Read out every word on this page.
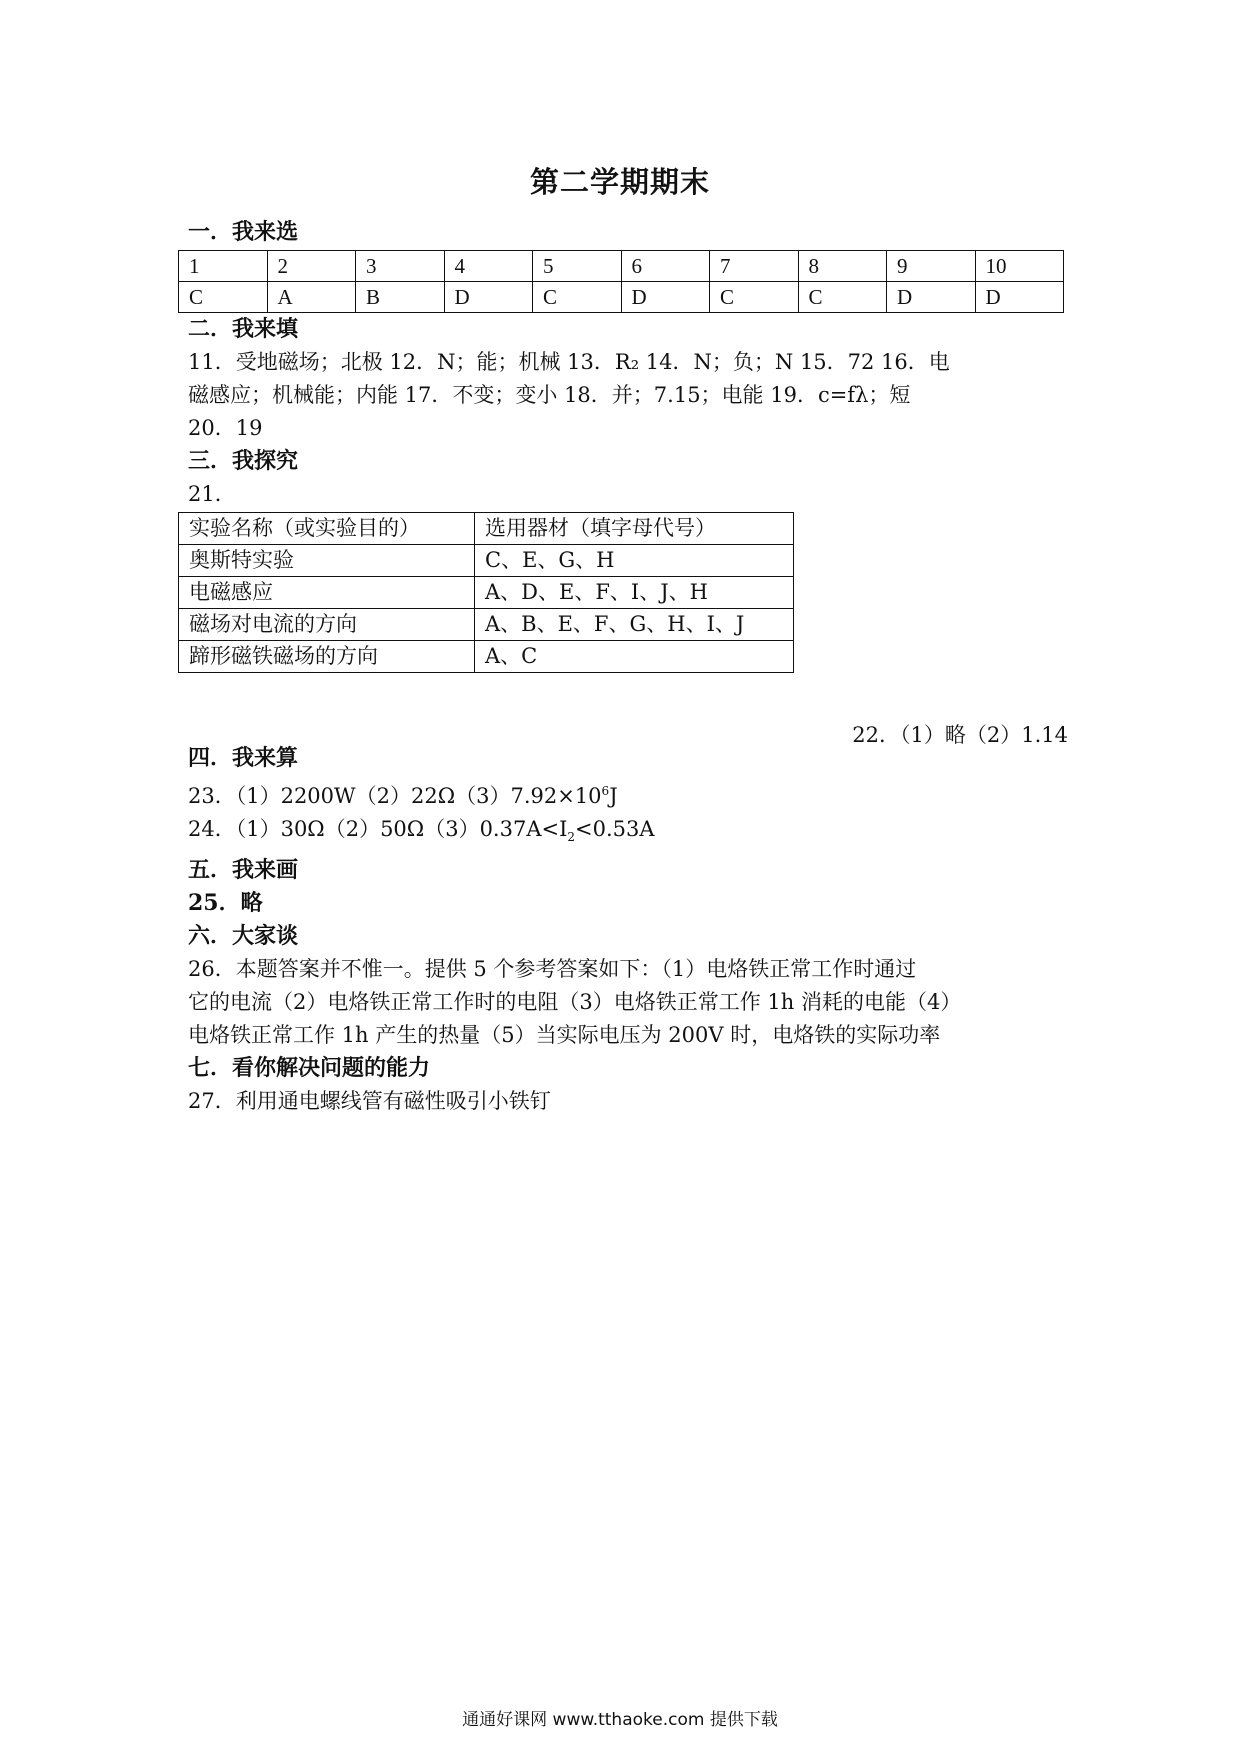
第二学期期末
一．我来选
1	2	3	4	5	6	7	8	9	10
C	A	B	D	C	D	C	C	D	D
二．我来填

11．受地磁场；北极 12．N；能；机械 13．R₂ 14．N；负；N 15．72 16．电

磁感应；机械能；内能 17．不变；变小 18．并；7.15；电能 19．c=fλ；短

20．19

三．我探究

21．

实验名称（或实验目的）	选用器材（填字母代号）
奥斯特实验	C、E、G、H
电磁感应	A、D、E、F、I、J、H
磁场对电流的方向	A、B、E、F、G、H、I、J
蹄形磁铁磁场的方向	A、C
22．（1）略（2）1.14
四．我来算

23．$(1)2200W(2)22\Omega(3)7.92\times 10^6J$

24．$(1)30\Omega(2)50\Omega(3)0.37A<I_2<0.53A$

五．我来画
25．略
六．大家谈

26．本题答案并不惟一。提供 5 个参考答案如下：（1）电烙铁正常工作时通过

它的电流（2）电烙铁正常工作时的电阻（3）电烙铁正常工作 1h 消耗的电能（4）

电烙铁正常工作 1h 产生的热量（5）当实际电压为 200V 时，电烙铁的实际功率

七．看你解决问题的能力

27．利用通电螺线管有磁性吸引小铁钉

通通好课网 www.tthaoke.com 提供下载
